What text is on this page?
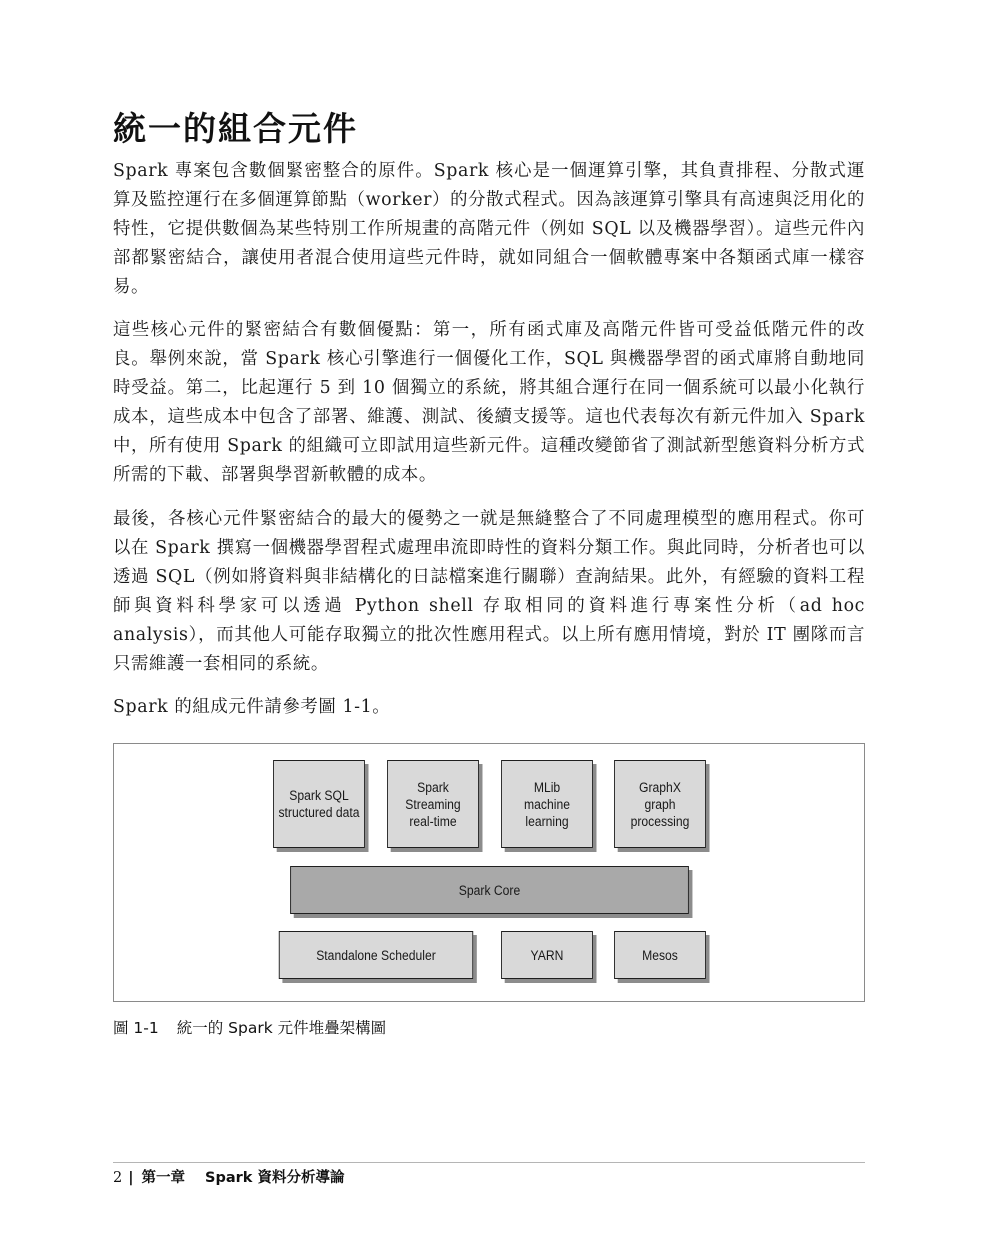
統一的組合元件

Spark 專案包含數個緊密整合的原件。Spark 核心是一個運算引擎，其負責排程、分散式運算及監控運行在多個運算節點（worker）的分散式程式。因為該運算引擎具有高速與泛用化的特性，它提供數個為某些特別工作所規畫的高階元件（例如 SQL 以及機器學習）。這些元件內部都緊密結合，讓使用者混合使用這些元件時，就如同組合一個軟體專案中各類函式庫一樣容易。

這些核心元件的緊密結合有數個優點：第一，所有函式庫及高階元件皆可受益低階元件的改良。舉例來說，當 Spark 核心引擎進行一個優化工作，SQL 與機器學習的函式庫將自動地同時受益。第二，比起運行 5 到 10 個獨立的系統，將其組合運行在同一個系統可以最小化執行成本，這些成本中包含了部署、維護、測試、後續支援等。這也代表每次有新元件加入 Spark 中，所有使用 Spark 的組織可立即試用這些新元件。這種改變節省了測試新型態資料分析方式所需的下載、部署與學習新軟體的成本。

最後，各核心元件緊密結合的最大的優勢之一就是無縫整合了不同處理模型的應用程式。你可以在 Spark 撰寫一個機器學習程式處理串流即時性的資料分類工作。與此同時，分析者也可以透過 SQL（例如將資料與非結構化的日誌檔案進行關聯）查詢結果。此外，有經驗的資料工程師與資料科學家可以透過 Python shell 存取相同的資料進行專案性分析（ad hoc analysis），而其他人可能存取獨立的批次性應用程式。以上所有應用情境，對於 IT 團隊而言只需維護一套相同的系統。

Spark 的組成元件請參考圖 1-1。

Spark SQL
structured data
Spark Streaming
real-time
MLib
machine
learning
GraphX
graph
processing
Spark Core
Standalone Scheduler	YARN	Mesos

圖 1-1 統一的 Spark 元件堆疊架構圖

2 | 第一章 Spark 資料分析導論
